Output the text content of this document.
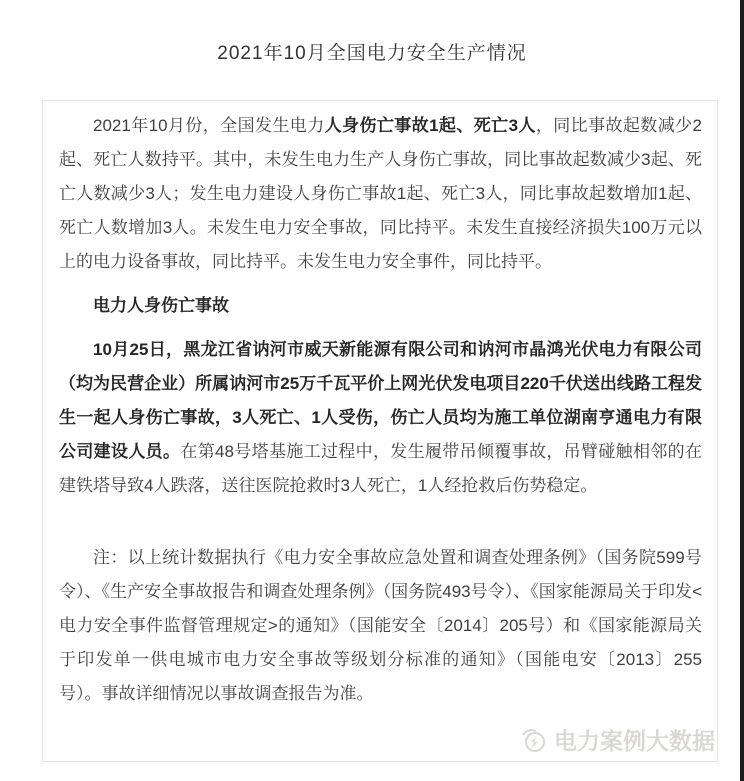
2021年10月全国电力安全生产情况

2021年10月份，全国发生电力人身伤亡事故1起、死亡3人，同比事故起数减少2起、死亡人数持平。其中，未发生电力生产人身伤亡事故，同比事故起数减少3起、死亡人数减少3人；发生电力建设人身伤亡事故1起、死亡3人，同比事故起数增加1起、死亡人数增加3人。未发生电力安全事故，同比持平。未发生直接经济损失100万元以上的电力设备事故，同比持平。未发生电力安全事件，同比持平。

电力人身伤亡事故

10月25日，黑龙江省讷河市威天新能源有限公司和讷河市晶鸿光伏电力有限公司（均为民营企业）所属讷河市25万千瓦平价上网光伏发电项目220千伏送出线路工程发生一起人身伤亡事故，3人死亡、1人受伤，伤亡人员均为施工单位湖南亨通电力有限公司建设人员。在第48号塔基施工过程中，发生履带吊倾覆事故，吊臂碰触相邻的在建铁塔导致4人跌落，送往医院抢救时3人死亡，1人经抢救后伤势稳定。

注：以上统计数据执行《电力安全事故应急处置和调查处理条例》（国务院599号令）、《生产安全事故报告和调查处理条例》（国务院493号令）、《国家能源局关于印发<电力安全事件监督管理规定>的通知》（国能安全〔2014〕205号）和《国家能源局关于印发单一供电城市电力安全事故等级划分标准的通知》（国能电安〔2013〕255号）。事故详细情况以事故调查报告为准。

电力案例大数据
